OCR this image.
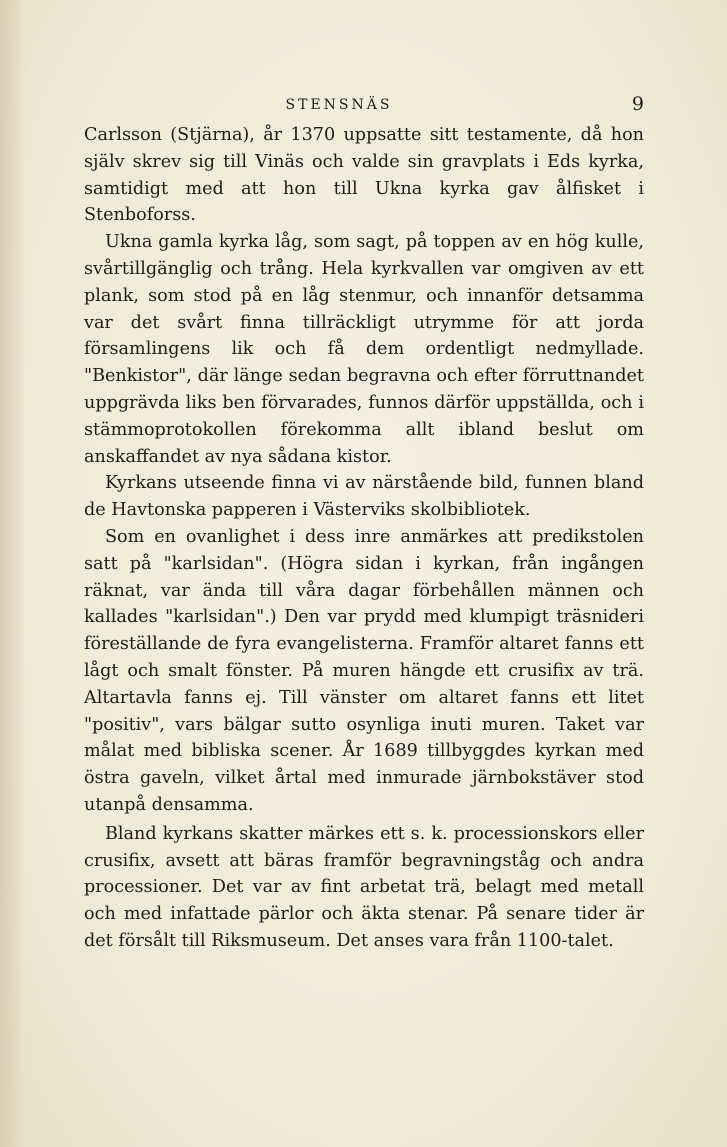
STENSNÄS	9

Carlsson (Stjärna), år 1370 uppsatte sitt testamente, då hon själv skrev sig till Vinäs och valde sin gravplats i Eds kyrka, samtidigt med att hon till Ukna kyrka gav ålfisket i Stenboforss.

Ukna gamla kyrka låg, som sagt, på toppen av en hög kulle, svårtillgänglig och trång. Hela kyrkvallen var omgiven av ett plank, som stod på en låg stenmur, och innanför detsamma var det svårt finna tillräckligt utrymme för att jorda församlingens lik och få dem ordentligt nedmyllade. "Benkistor", där länge sedan begravna och efter förruttnandet uppgrävda liks ben förvarades, funnos därför uppställda, och i stämmoprotokollen förekomma allt ibland beslut om anskaffandet av nya sådana kistor.

Kyrkans utseende finna vi av närstående bild, funnen bland de Havtonska papperen i Västerviks skolbibliotek.

Som en ovanlighet i dess inre anmärkes att predikstolen satt på "karlsidan". (Högra sidan i kyrkan, från ingången räknat, var ända till våra dagar förbehållen männen och kallades "karlsidan".) Den var prydd med klumpigt träsnideri föreställande de fyra evangelisterna. Framför altaret fanns ett lågt och smalt fönster. På muren hängde ett crusifix av trä. Altartavla fanns ej. Till vänster om altaret fanns ett litet "positiv", vars bälgar sutto osynliga inuti muren. Taket var målat med bibliska scener. År 1689 tillbyggdes kyrkan med östra gaveln, vilket årtal med inmurade järnbokstäver stod utanpå densamma.

Bland kyrkans skatter märkes ett s. k. processionskors eller crusifix, avsett att bäras framför begravningståg och andra processioner. Det var av fint arbetat trä, belagt med metall och med infattade pärlor och äkta stenar. På senare tider är det försålt till Riksmuseum. Det anses vara från 1100-talet.
